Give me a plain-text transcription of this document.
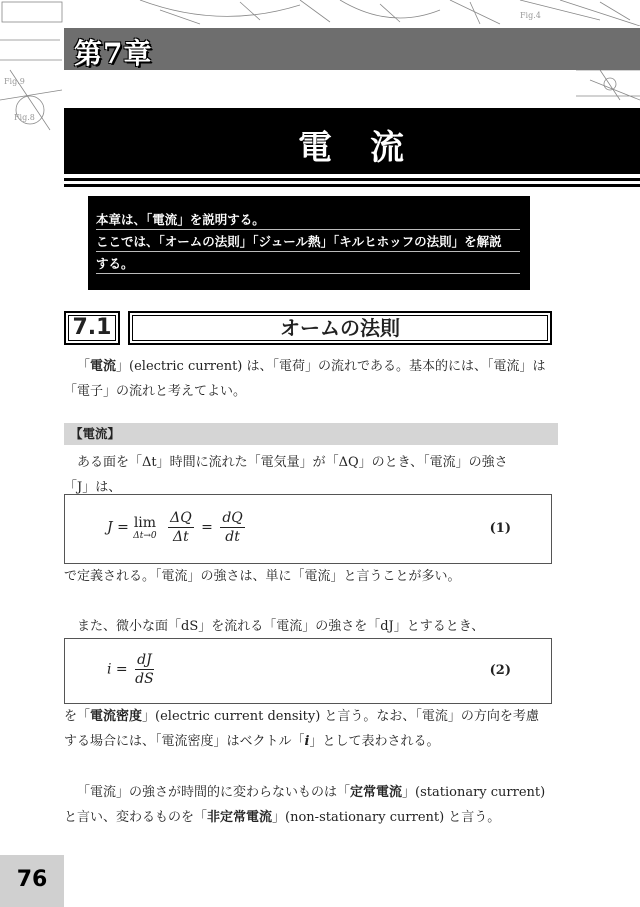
Fig.9
Fig.8
Fig.4
第7章
電　流
本章は、「電流」を説明する。
ここでは、「オームの法則」「ジュール熱」「キルヒホッフの法則」を解説
する。
7.1	オームの法則
「電流」(electric current) は、「電荷」の流れである。基本的には、「電流」は
「電子」の流れと考えてよい。
【電流】
ある面を「Δt」時間に流れた「電気量」が「ΔQ」のとき、「電流」の強さ
「J」は、
J = lim
Δt→0
$\frac{\Delta Q}{\Delta t} = \frac{dQ}{dt}$	(1)
で定義される。「電流」の強さは、単に「電流」と言うことが多い。
また、微小な面「dS」を流れる「電流」の強さを「dJ」とするとき、
$i = \frac{dJ}{dS}$	(2)
を「電流密度」(electric current density) と言う。なお、「電流」の方向を考慮
する場合には、「電流密度」はベクトル「i」として表わされる。
「電流」の強さが時間的に変わらないものは「定常電流」(stationary current)
と言い、変わるものを「非定常電流」(non-stationary current) と言う。
76
